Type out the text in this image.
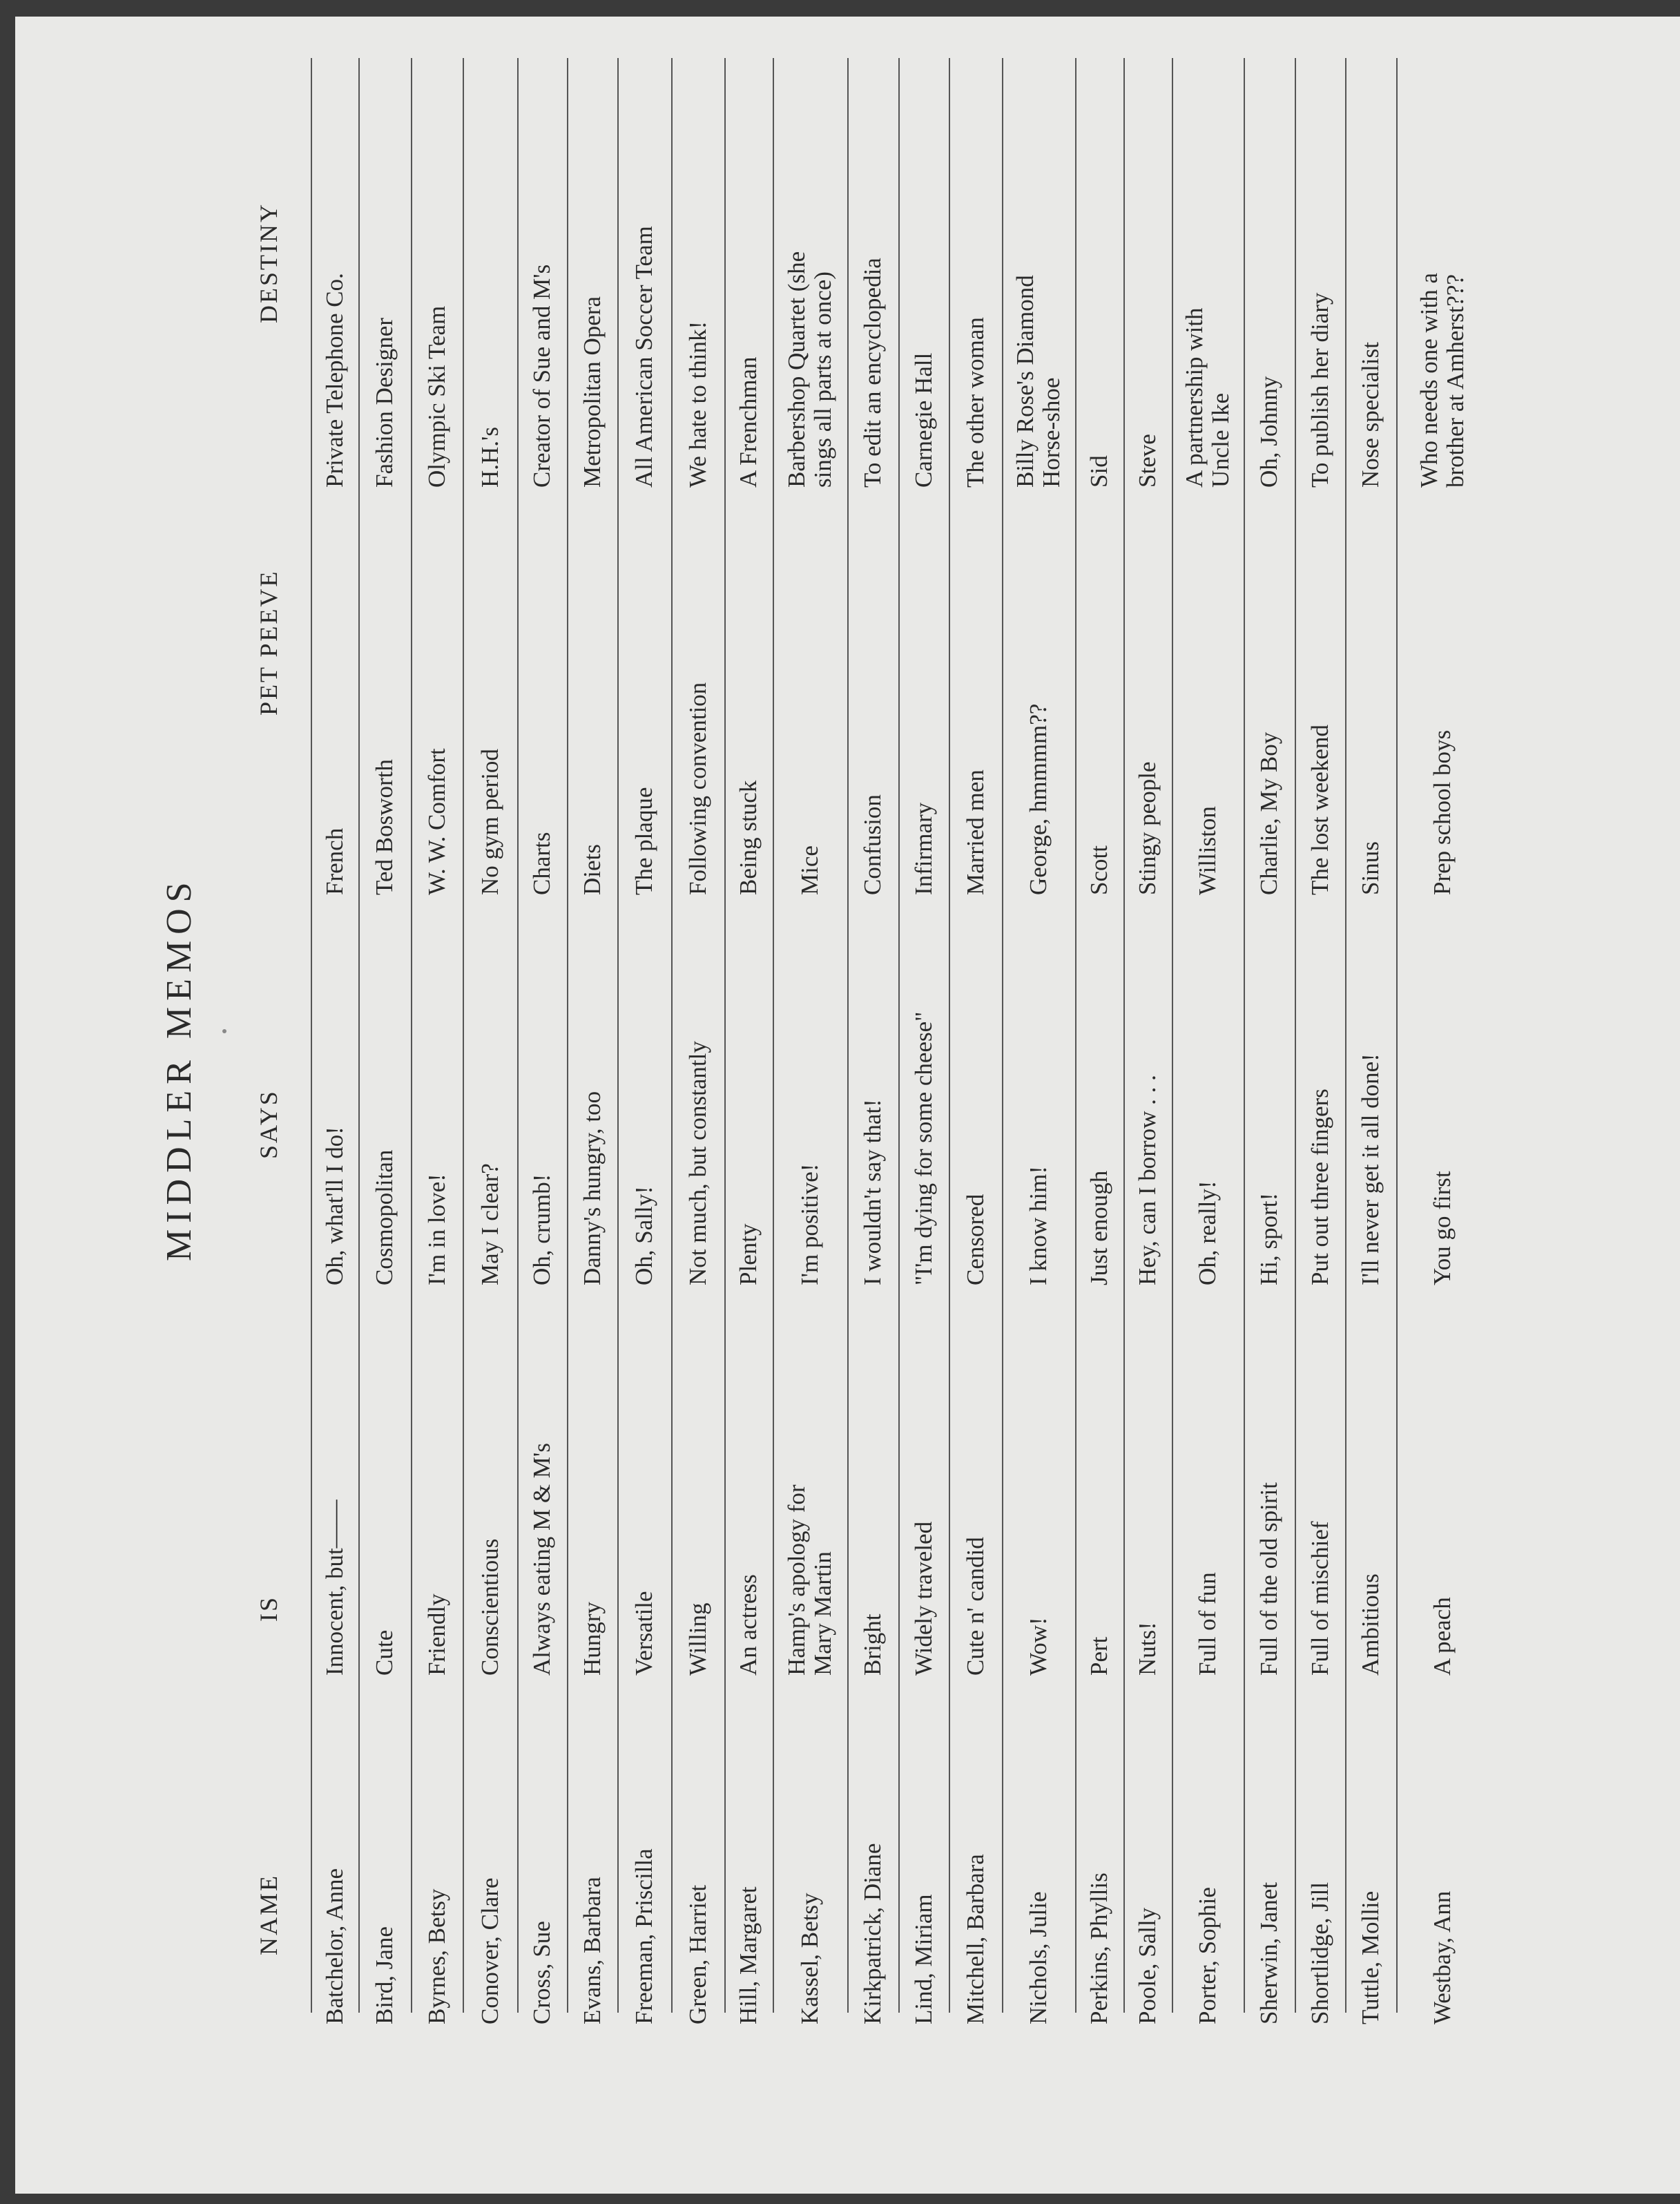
MIDDLER MEMOS
NAME
IS
SAYS
PET PEEVE
DESTINY
Batchelor, Anne
Innocent, but——
Oh, what'll I do!
French
Private Telephone Co.
Bird, Jane
Cute
Cosmopolitan
Ted Bosworth
Fashion Designer
Byrnes, Betsy
Friendly
I'm in love!
W. W. Comfort
Olympic Ski Team
Conover, Clare
Conscientious
May I clear?
No gym period
H.H.'s
Cross, Sue
Always eating M & M's
Oh, crumb!
Charts
Creator of Sue and M's
Evans, Barbara
Hungry
Danny's hungry, too
Diets
Metropolitan Opera
Freeman, Priscilla
Versatile
Oh, Sally!
The plaque
All American Soccer Team
Green, Harriet
Willing
Not much, but constantly
Following convention
We hate to think!
Hill, Margaret
An actress
Plenty
Being stuck
A Frenchman
Kassel, Betsy
Hamp's apology for
Mary Martin
I'm positive!
Mice
Barbershop Quartet (she
sings all parts at once)
Kirkpatrick, Diane
Bright
I wouldn't say that!
Confusion
To edit an encyclopedia
Lind, Miriam
Widely traveled
"I'm dying for some cheese"
Infirmary
Carnegie Hall
Mitchell, Barbara
Cute n' candid
Censored
Married men
The other woman
Nichols, Julie
Wow!
I know him!
George, hmmmm??
Billy Rose's Diamond
Horse-shoe
Perkins, Phyllis
Pert
Just enough
Scott
Sid
Poole, Sally
Nuts!
Hey, can I borrow . . .
Stingy people
Steve
Porter, Sophie
Full of fun
Oh, really!
Williston
A partnership with
Uncle Ike
Sherwin, Janet
Full of the old spirit
Hi, sport!
Charlie, My Boy
Oh, Johnny
Shortlidge, Jill
Full of mischief
Put out three fingers
The lost weekend
To publish her diary
Tuttle, Mollie
Ambitious
I'll never get it all done!
Sinus
Nose specialist
Westbay, Ann
A peach
You go first
Prep school boys
Who needs one with a
brother at Amherst???
